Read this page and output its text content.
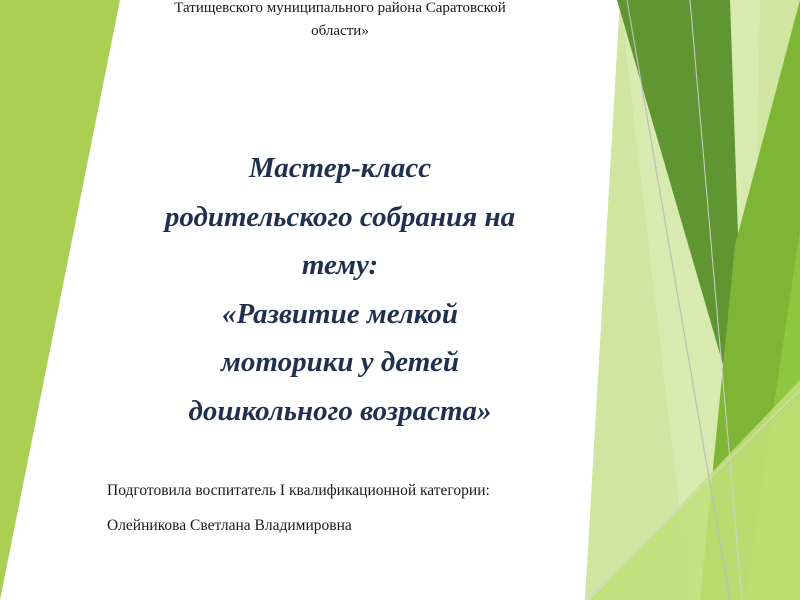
Татищевского муниципального района Саратовской
области»
Мастер-класс
родительского собрания на
тему:
«Развитие мелкой
моторики у детей
дошкольного возраста»
Подготовила воспитатель I квалификационной категории:
Олейникова Светлана Владимировна
